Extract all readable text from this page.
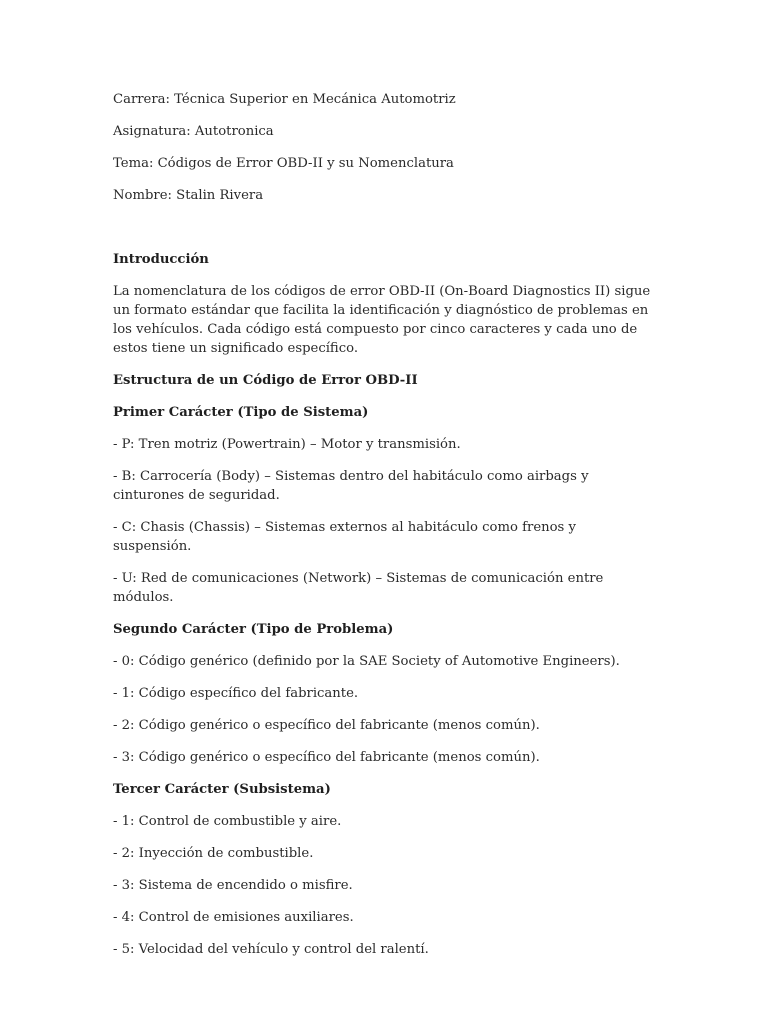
Carrera: Técnica Superior en Mecánica Automotriz

Asignatura: Autotronica

Tema: Códigos de Error OBD-II y su Nomenclatura

Nombre: Stalin Rivera

Introducción

La nomenclatura de los códigos de error OBD-II (On-Board Diagnostics II) sigue un formato estándar que facilita la identificación y diagnóstico de problemas en los vehículos. Cada código está compuesto por cinco caracteres y cada uno de estos tiene un significado específico.

Estructura de un Código de Error OBD-II

Primer Carácter (Tipo de Sistema)

- P: Tren motriz (Powertrain) – Motor y transmisión.
- B: Carrocería (Body) – Sistemas dentro del habitáculo como airbags y cinturones de seguridad.
- C: Chasis (Chassis) – Sistemas externos al habitáculo como frenos y suspensión.
- U: Red de comunicaciones (Network) – Sistemas de comunicación entre módulos.

Segundo Carácter (Tipo de Problema)

- 0: Código genérico (definido por la SAE Society of Automotive Engineers).
- 1: Código específico del fabricante.
- 2: Código genérico o específico del fabricante (menos común).
- 3: Código genérico o específico del fabricante (menos común).

Tercer Carácter (Subsistema)

- 1: Control de combustible y aire.
- 2: Inyección de combustible.
- 3: Sistema de encendido o misfire.
- 4: Control de emisiones auxiliares.
- 5: Velocidad del vehículo y control del ralentí.
